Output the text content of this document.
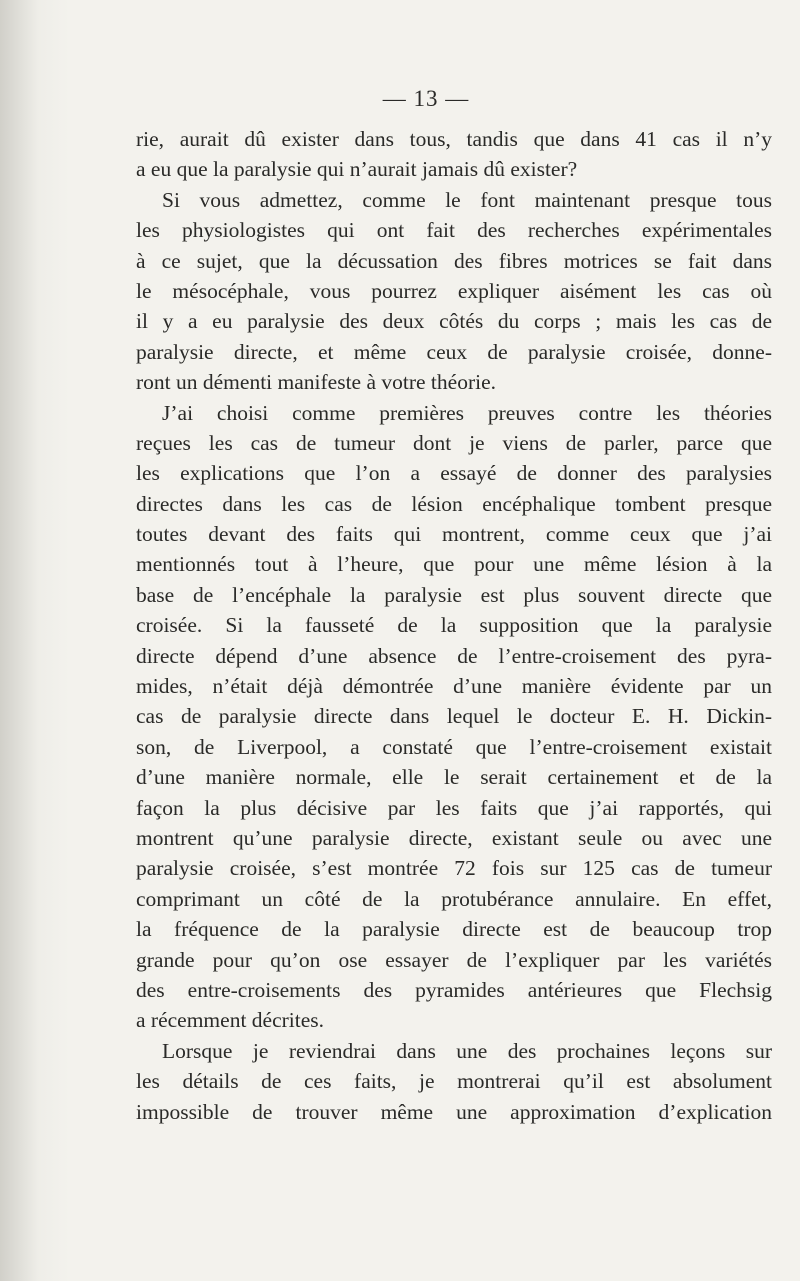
— 13 —
rie, aurait dû exister dans tous, tandis que dans 41 cas il n’y
a eu que la paralysie qui n’aurait jamais dû exister?
Si vous admettez, comme le font maintenant presque tous
les physiologistes qui ont fait des recherches expérimentales
à ce sujet, que la décussation des fibres motrices se fait dans
le mésocéphale, vous pourrez expliquer aisément les cas où
il y a eu paralysie des deux côtés du corps ; mais les cas de
paralysie directe, et même ceux de paralysie croisée, donne-
ront un démenti manifeste à votre théorie.
J’ai choisi comme premières preuves contre les théories
reçues les cas de tumeur dont je viens de parler, parce que
les explications que l’on a essayé de donner des paralysies
directes dans les cas de lésion encéphalique tombent presque
toutes devant des faits qui montrent, comme ceux que j’ai
mentionnés tout à l’heure, que pour une même lésion à la
base de l’encéphale la paralysie est plus souvent directe que
croisée. Si la fausseté de la supposition que la paralysie
directe dépend d’une absence de l’entre-croisement des pyra-
mides, n’était déjà démontrée d’une manière évidente par un
cas de paralysie directe dans lequel le docteur E. H. Dickin-
son, de Liverpool, a constaté que l’entre-croisement existait
d’une manière normale, elle le serait certainement et de la
façon la plus décisive par les faits que j’ai rapportés, qui
montrent qu’une paralysie directe, existant seule ou avec une
paralysie croisée, s’est montrée 72 fois sur 125 cas de tumeur
comprimant un côté de la protubérance annulaire. En effet,
la fréquence de la paralysie directe est de beaucoup trop
grande pour qu’on ose essayer de l’expliquer par les variétés
des entre-croisements des pyramides antérieures que Flechsig
a récemment décrites.
Lorsque je reviendrai dans une des prochaines leçons sur
les détails de ces faits, je montrerai qu’il est absolument
impossible de trouver même une approximation d’explication
